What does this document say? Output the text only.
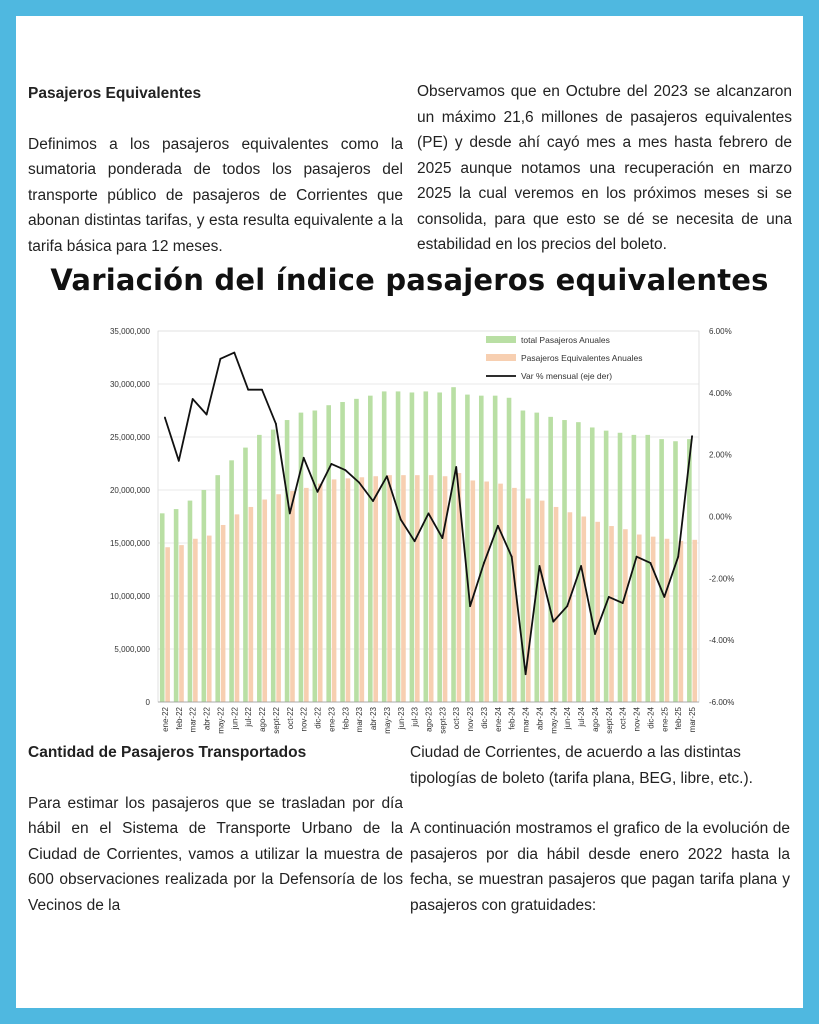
Pasajeros Equivalentes

Definimos a los pasajeros equivalentes como la sumatoria ponderada de todos los pasajeros del transporte público de pasajeros de Corrientes que abonan distintas tarifas, y esta resulta equivalente a la tarifa básica para 12 meses.

Observamos que en Octubre del 2023 se alcanzaron un máximo 21,6 millones de pasajeros equivalentes (PE) y desde ahí cayó mes a mes hasta febrero de 2025 aunque notamos una recuperación en marzo 2025 la cual veremos en los próximos meses si se consolida, para que esto se dé se necesita de una estabilidad en los precios del boleto.

Variación del índice pasajeros equivalentes
0
5,000,000
10,000,000
15,000,000
20,000,000
25,000,000
30,000,000
35,000,000
-6.00%
-4.00%
-2.00%
0.00%
2.00%
4.00%
6.00%
ene-22 feb-22 mar-22 abr-22 may-22 jun-22 jul-22 ago-22 sept-22 oct-22 nov-22 dic-22 ene-23 feb-23 mar-23 abr-23 may-23 jun-23 jul-23 ago-23 sept-23 oct-23 nov-23 dic-23 ene-24 feb-24 mar-24 abr-24 may-24 jun-24 jul-24 ago-24 sept-24 oct-24 nov-24 dic-24 ene-25 feb-25 mar-25
total Pasajeros Anuales
Pasajeros Equivalentes Anuales
Var % mensual (eje der)

Cantidad de Pasajeros Transportados

Para estimar los pasajeros que se trasladan por día hábil en el Sistema de Transporte Urbano de la Ciudad de Corrientes, vamos a utilizar la muestra de 600 observaciones realizada por la Defensoría de los Vecinos de la

Ciudad de Corrientes, de acuerdo a las distintas tipologías de boleto (tarifa plana, BEG, libre, etc.).

A continuación mostramos el grafico de la evolución de pasajeros por dia hábil desde enero 2022 hasta la fecha, se muestran pasajeros que pagan tarifa plana y pasajeros con gratuidades:
